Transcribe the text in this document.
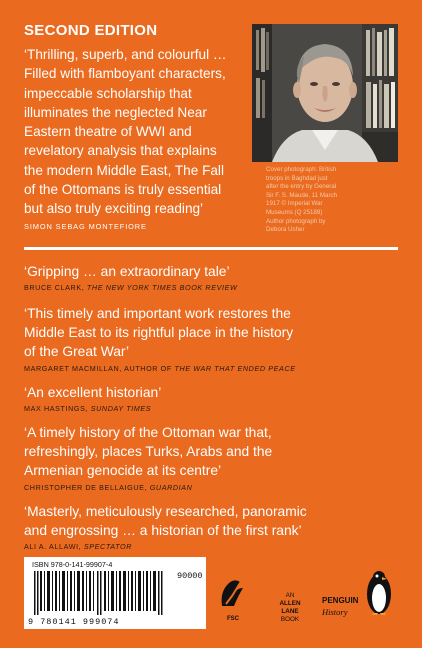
SECOND EDITION
‘Thrilling, superb, and colourful …
Filled with flamboyant characters,
impeccable scholarship that
illuminates the neglected Near
Eastern theatre of WWI and
revelatory analysis that explains
the modern Middle East, The Fall
of the Ottomans is truly essential
but also truly exciting reading’
SIMON SEBAG MONTEFIORE
Cover photograph: British
troops in Baghdad just
after the entry by General
Sir F. S. Maude, 11 March
1917 © Imperial War
Museums (Q 25189)
Author photograph by
Debora Usher
‘Gripping … an extraordinary tale’
BRUCE CLARK, THE NEW YORK TIMES BOOK REVIEW
‘This timely and important work restores the
Middle East to its rightful place in the history
of the Great War’
MARGARET MACMILLAN, AUTHOR OF THE WAR THAT ENDED PEACE
‘An excellent historian’
MAX HASTINGS, SUNDAY TIMES
‘A timely history of the Ottoman war that,
refreshingly, places Turks, Arabs and the
Armenian genocide at its centre’
CHRISTOPHER DE BELLAIGUE, GUARDIAN
‘Masterly, meticulously researched, panoramic
and engrossing … a historian of the first rank’
ALI A. ALLAWI, SPECTATOR
ISBN 978-0-141-99907-4
90000
9 780141 999074	FSC
AN
ALLEN
LANE
BOOK
PENGUIN
History
